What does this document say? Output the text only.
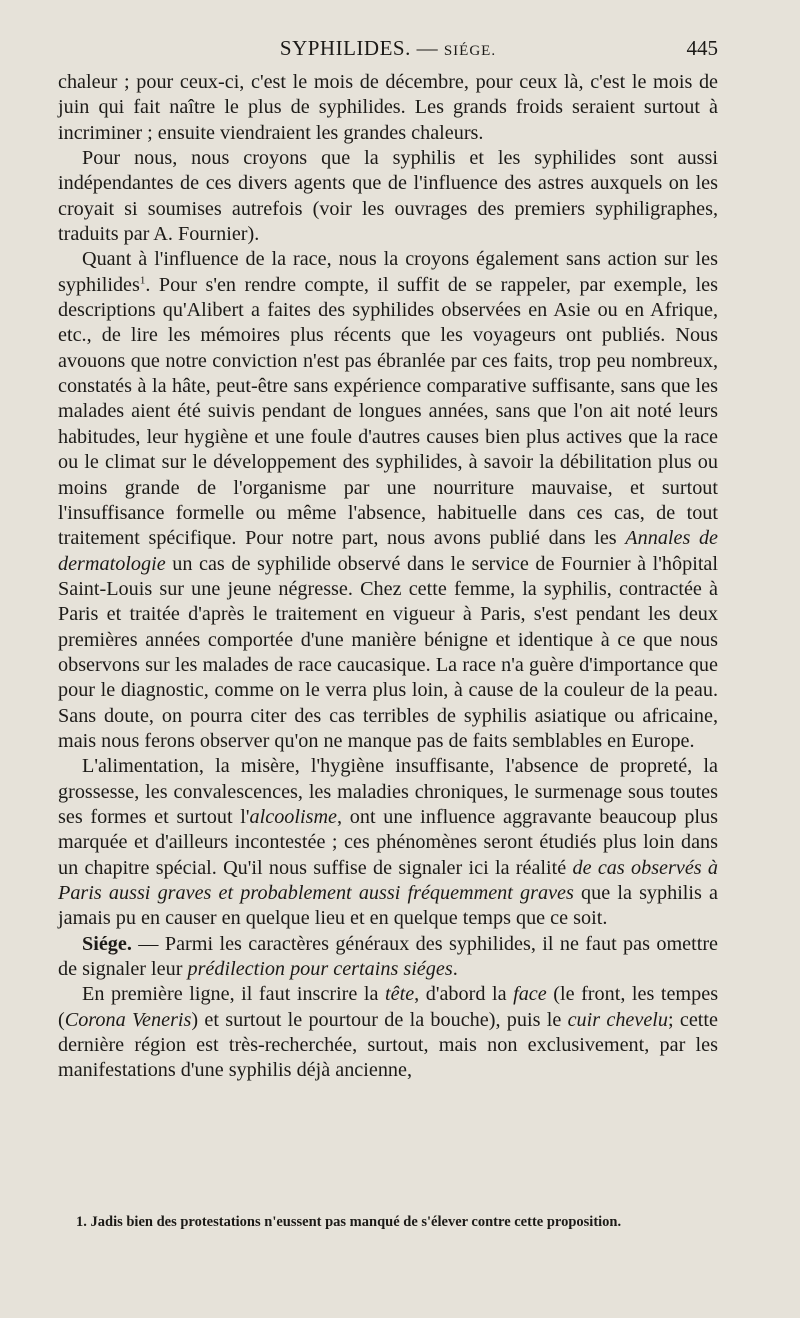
SYPHILIDES. — SIÉGE.	445

chaleur ; pour ceux-ci, c'est le mois de décembre, pour ceux là, c'est le mois de juin qui fait naître le plus de syphilides. Les grands froids seraient surtout à incriminer ; ensuite viendraient les grandes chaleurs.

Pour nous, nous croyons que la syphilis et les syphilides sont aussi indépendantes de ces divers agents que de l'influence des astres auxquels on les croyait si soumises autrefois (voir les ouvrages des premiers syphiligraphes, traduits par A. Fournier).

Quant à l'influence de la race, nous la croyons également sans action sur les syphilides$^1$. Pour s'en rendre compte, il suffit de se rappeler, par exemple, les descriptions qu'Alibert a faites des syphilides observées en Asie ou en Afrique, etc., de lire les mémoires plus récents que les voyageurs ont publiés. Nous avouons que notre conviction n'est pas ébranlée par ces faits, trop peu nombreux, constatés à la hâte, peut-être sans expérience comparative suffisante, sans que les malades aient été suivis pendant de longues années, sans que l'on ait noté leurs habitudes, leur hygiène et une foule d'autres causes bien plus actives que la race ou le climat sur le développement des syphilides, à savoir la débilitation plus ou moins grande de l'organisme par une nourriture mauvaise, et surtout l'insuffisance formelle ou même l'absence, habituelle dans ces cas, de tout traitement spécifique. Pour notre part, nous avons publié dans les Annales de dermatologie un cas de syphilide observé dans le service de Fournier à l'hôpital Saint-Louis sur une jeune négresse. Chez cette femme, la syphilis, contractée à Paris et traitée d'après le traitement en vigueur à Paris, s'est pendant les deux premières années comportée d'une manière bénigne et identique à ce que nous observons sur les malades de race caucasique. La race n'a guère d'importance que pour le diagnostic, comme on le verra plus loin, à cause de la couleur de la peau. Sans doute, on pourra citer des cas terribles de syphilis asiatique ou africaine, mais nous ferons observer qu'on ne manque pas de faits semblables en Europe.

L'alimentation, la misère, l'hygiène insuffisante, l'absence de propreté, la grossesse, les convalescences, les maladies chroniques, le surmenage sous toutes ses formes et surtout l'alcoolisme, ont une influence aggravante beaucoup plus marquée et d'ailleurs incontestée ; ces phénomènes seront étudiés plus loin dans un chapitre spécial. Qu'il nous suffise de signaler ici la réalité de cas observés à Paris aussi graves et probablement aussi fréquemment graves que la syphilis a jamais pu en causer en quelque lieu et en quelque temps que ce soit.

Siége. — Parmi les caractères généraux des syphilides, il ne faut pas omettre de signaler leur prédilection pour certains siéges.

En première ligne, il faut inscrire la tête, d'abord la face (le front, les tempes (Corona Veneris) et surtout le pourtour de la bouche), puis le cuir chevelu; cette dernière région est très-recherchée, surtout, mais non exclusivement, par les manifestations d'une syphilis déjà ancienne,

1. Jadis bien des protestations n'eussent pas manqué de s'élever contre cette proposition.
